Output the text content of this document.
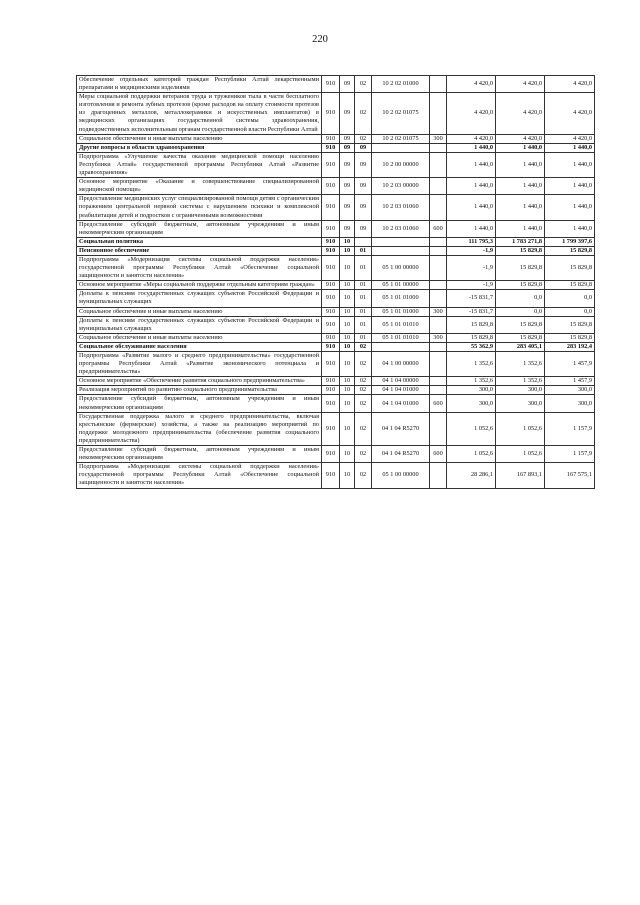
220
Обеспечение отдельных категорий граждан Республики Алтай лекарственными препаратами и медицинскими изделиями	910	09	02	10 2 02 01000		4 420,0	4 420,0	4 420,0
Меры социальной поддержки ветеранов труда и тружеников тыла в части бесплатного изготовления и ремонта зубных протезов (кроме расходов на оплату стоимости протезов из драгоценных металлов, металлокерамики и искусственных имплантатов) в медицинских организациях государственной системы здравоохранения, подведомственных исполнительным органам государственной власти Республики Алтай	910	09	02	10 2 02 01075		4 420,0	4 420,0	4 420,0
Социальное обеспечение и иные выплаты населению	910	09	02	10 2 02 01075	300	4 420,0	4 420,0	4 420,0
Другие вопросы в области здравоохранения	910	09	09			1 440,0	1 440,0	1 440,0
Подпрограмма «Улучшение качества оказания медицинской помощи населению Республики Алтай» государственной программы Республики Алтай «Развитие здравоохранения»	910	09	09	10 2 00 00000		1 440,0	1 440,0	1 440,0
Основное мероприятие «Оказание и совершенствование специализированной медицинской помощи»	910	09	09	10 2 03 00000		1 440,0	1 440,0	1 440,0
Предоставление медицинских услуг специализированной помощи детям с органическим поражением центральной нервной системы с нарушением психики и комплексной реабилитации детей и подростков с ограниченными возможностями	910	09	09	10 2 03 01060		1 440,0	1 440,0	1 440,0
Предоставление субсидий бюджетным, автономным учреждениям и иным некоммерческим организациям	910	09	09	10 2 03 01060	600	1 440,0	1 440,0	1 440,0
Социальная политика	910	10				111 795,3	1 783 271,8	1 799 397,6
Пенсионное обеспечение	910	10	01			-1,9	15 829,8	15 829,8
Подпрограмма «Модернизация системы социальной поддержки населения» государственной программы Республики Алтай «Обеспечение социальной защищенности и занятости населения»	910	10	01	05 1 00 00000		-1,9	15 829,8	15 829,8
Основное мероприятие «Меры социальной поддержке отдельным категориям граждан»	910	10	01	05 1 01 00000		-1,9	15 829,8	15 829,8
Доплаты к пенсиям государственных служащих субъектов Российской Федерации и муниципальных служащих	910	10	01	05 1 01 01000		-15 831,7	0,0	0,0
Социальное обеспечение и иные выплаты населению	910	10	01	05 1 01 01000	300	-15 831,7	0,0	0,0
Доплаты к пенсиям государственных служащих субъектов Российской Федерации и муниципальных служащих	910	10	01	05 1 01 01010		15 829,8	15 829,8	15 829,8
Социальное обеспечение и иные выплаты населению	910	10	01	05 1 01 01010	300	15 829,8	15 829,8	15 829,8
Социальное обслуживание населения	910	10	02			55 362,9	283 405,1	283 192,4
Подпрограмма «Развитие малого и среднего предпринимательства» государственной программы Республики Алтай «Развитие экономического потенциала и предпринимательства»	910	10	02	04 1 00 00000		1 352,6	1 352,6	1 457,9
Основное мероприятие «Обеспечение развития социального предпринимательства»	910	10	02	04 1 04 00000		1 352,6	1 352,6	1 457,9
Реализация мероприятий по развитию социального предпринимательства	910	10	02	04 1 04 01000		300,0	300,0	300,0
Предоставление субсидий бюджетным, автономным учреждениям и иным некоммерческим организациям	910	10	02	04 1 04 01000	600	300,0	300,0	300,0
Государственная поддержка малого и среднего предпринимательства, включая крестьянские (фермерские) хозяйства, а также на реализацию мероприятий по поддержке молодежного предпринимательства (обеспечение развития социального предпринимательства)	910	10	02	04 1 04 R5270		1 052,6	1 052,6	1 157,9
Предоставление субсидий бюджетным, автономным учреждениям и иным некоммерческим организациям	910	10	02	04 1 04 R5270	600	1 052,6	1 052,6	1 157,9
Подпрограмма «Модернизация системы социальной поддержки населения» государственной программы Республики Алтай «Обеспечение социальной защищенности и занятости населения»	910	10	02	05 1 00 00000		28 286,1	167 893,1	167 575,1
